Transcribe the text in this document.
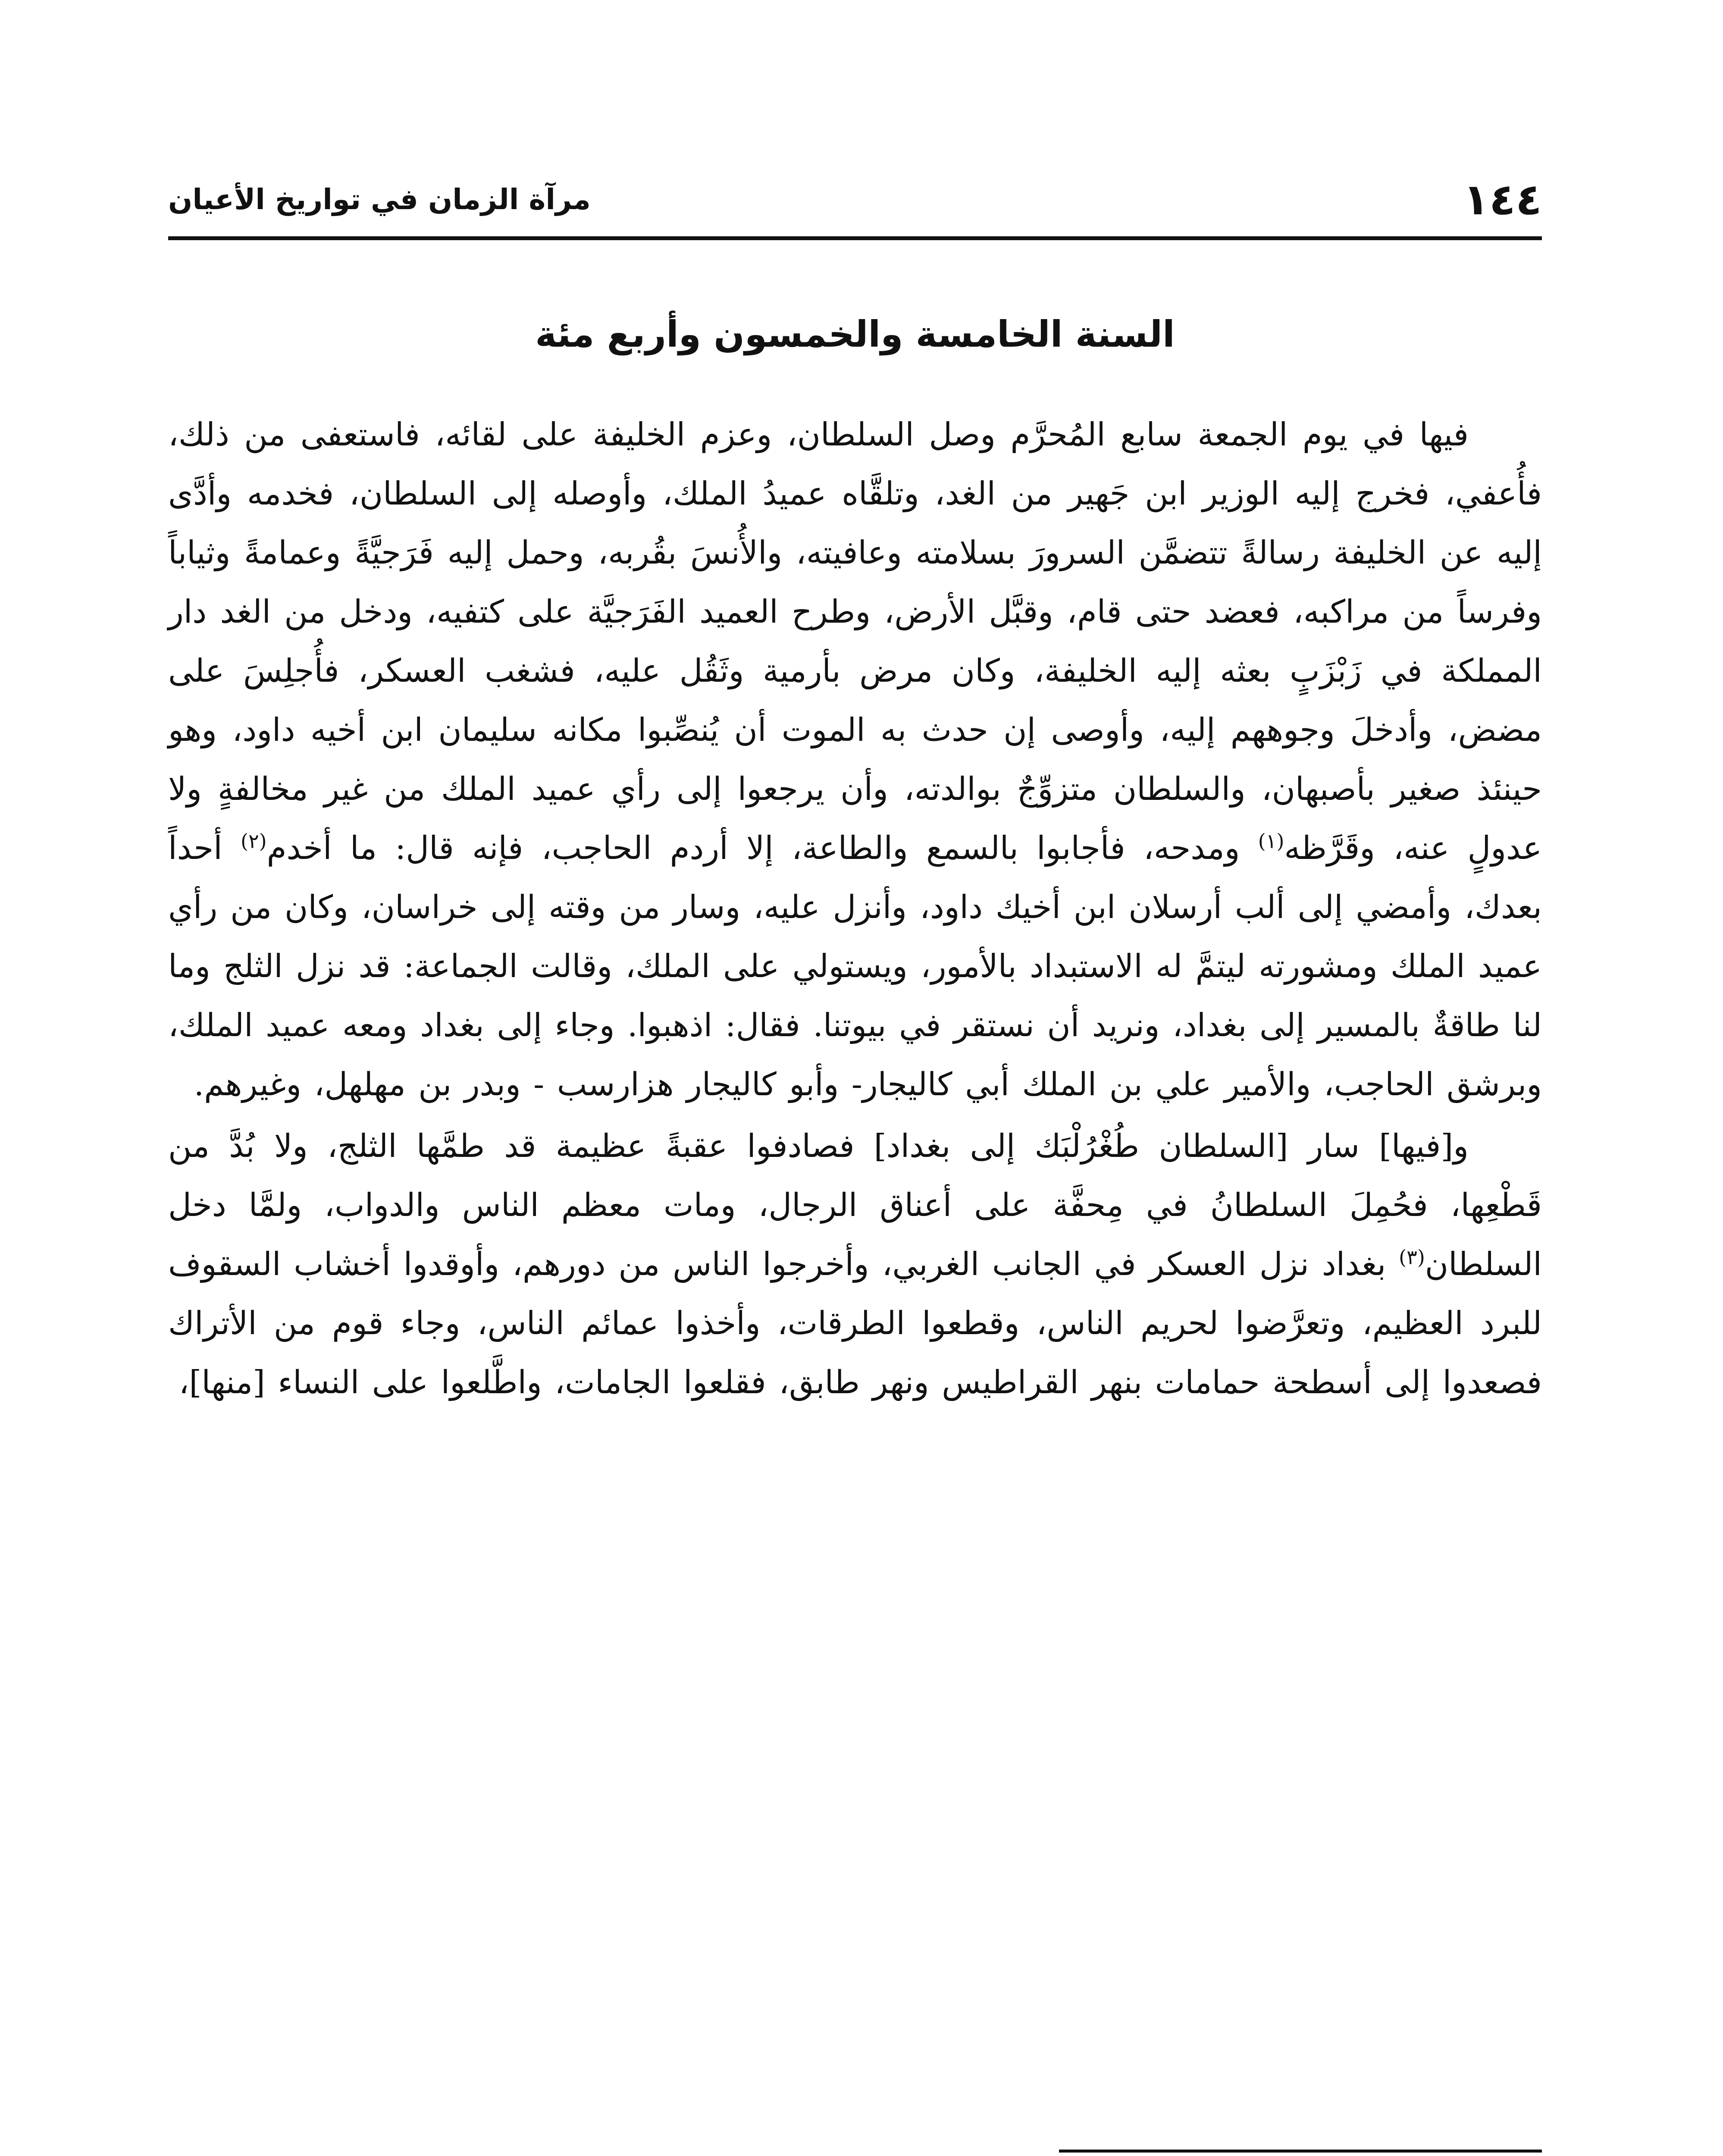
١٤٤

مرآة الزمان في تواريخ الأعيان

السنة الخامسة والخمسون وأربع مئة

فيها في يوم الجمعة سابع المُحرَّم وصل السلطان، وعزم الخليفة على لقائه، فاستعفى من ذلك، فأُعفي، فخرج إليه الوزير ابن جَهير من الغد، وتلقَّاه عميدُ الملك، وأوصله إلى السلطان، فخدمه وأدَّى إليه عن الخليفة رسالةً تتضمَّن السرورَ بسلامته وعافيته، والأُنسَ بقُربه، وحمل إليه فَرَجيَّةً وعمامةً وثياباً وفرساً من مراكبه، فعضد حتى قام، وقبَّل الأرض، وطرح العميد الفَرَجيَّة على كتفيه، ودخل من الغد دار المملكة في زَبْزَبٍ بعثه إليه الخليفة، وكان مرض بأرمية وثَقُل عليه، فشغب العسكر، فأُجلِسَ على مضض، وأدخلَ وجوههم إليه، وأوصى إن حدث به الموت أن يُنصِّبوا مكانه سليمان ابن أخيه داود، وهو حينئذ صغير بأصبهان، والسلطان متزوِّجٌ بوالدته، وأن يرجعوا إلى رأي عميد الملك من غير مخالفةٍ ولا عدولٍ عنه، وقَرَّظه$^{(١)}$ ومدحه، فأجابوا بالسمع والطاعة، إلا أردم الحاجب، فإنه قال: ما أخدم$^{(٢)}$ أحداً بعدك، وأمضي إلى ألب أرسلان ابن أخيك داود، وأنزل عليه، وسار من وقته إلى خراسان، وكان من رأي عميد الملك ومشورته ليتمَّ له الاستبداد بالأمور، ويستولي على الملك، وقالت الجماعة: قد نزل الثلج وما لنا طاقةٌ بالمسير إلى بغداد، ونريد أن نستقر في بيوتنا. فقال: اذهبوا. وجاء إلى بغداد ومعه عميد الملك، وبرشق الحاجب، والأمير علي بن الملك أبي كاليجار- وأبو كاليجار هزارسب - وبدر بن مهلهل، وغيرهم.

و[فيها] سار [السلطان طُغْرُلْبَك إلى بغداد] فصادفوا عقبةً عظيمة قد طمَّها الثلج، ولا بُدَّ من قَطْعِها، فحُمِلَ السلطانُ في مِحفَّة على أعناق الرجال، ومات معظم الناس والدواب، ولمَّا دخل السلطان$^{(٣)}$ بغداد نزل العسكر في الجانب الغربي، وأخرجوا الناس من دورهم، وأوقدوا أخشاب السقوف للبرد العظيم، وتعرَّضوا لحريم الناس، وقطعوا الطرقات، وأخذوا عمائم الناس، وجاء قوم من الأتراك فصعدوا إلى أسطحة حمامات بنهر القراطيس ونهر طابق، فقلعوا الجامات، واطَّلعوا على النساء [منها]،
